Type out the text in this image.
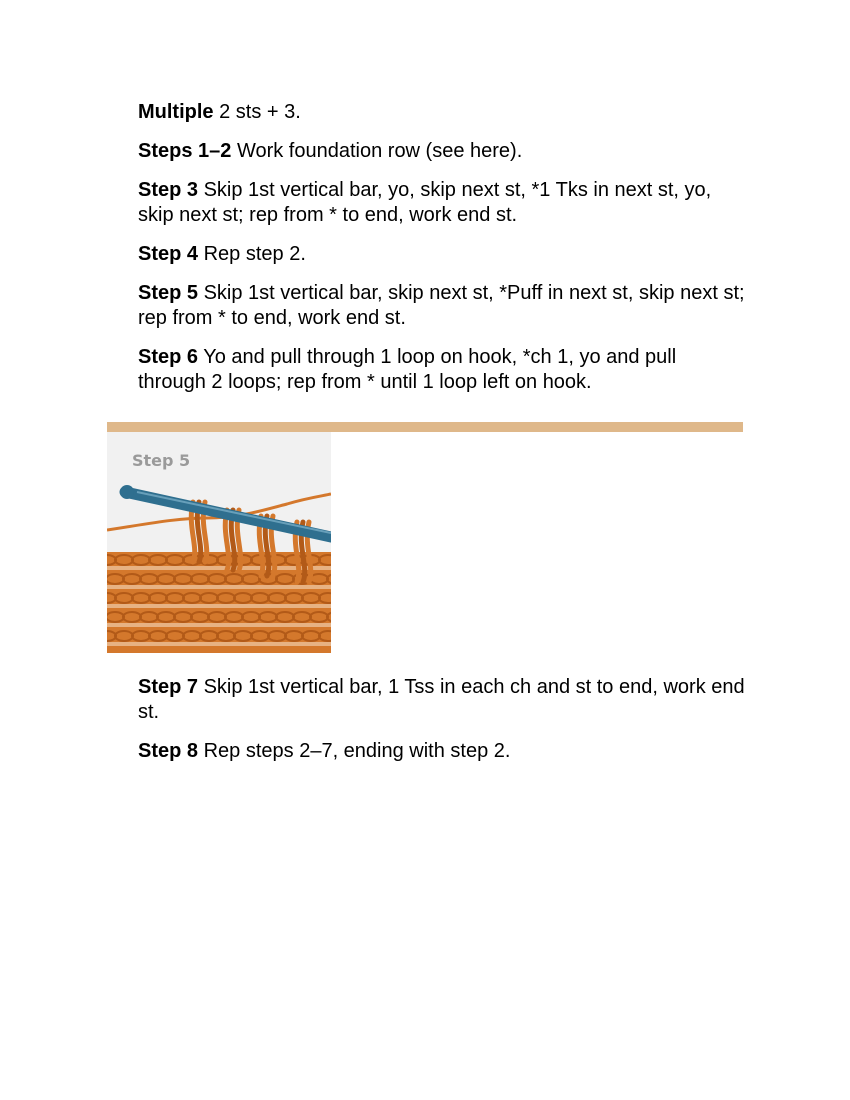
Multiple 2 sts + 3.

Steps 1–2 Work foundation row (see here).

Step 3 Skip 1st vertical bar, yo, skip next st, *1 Tks in next st, yo, skip next st; rep from * to end, work end st.

Step 4 Rep step 2.

Step 5 Skip 1st vertical bar, skip next st, *Puff in next st, skip next st; rep from * to end, work end st.

Step 6 Yo and pull through 1 loop on hook, *ch 1, yo and pull through 2 loops; rep from * until 1 loop left on hook.

Step 5

Step 7 Skip 1st vertical bar, 1 Tss in each ch and st to end, work end st.

Step 8 Rep steps 2–7, ending with step 2.
